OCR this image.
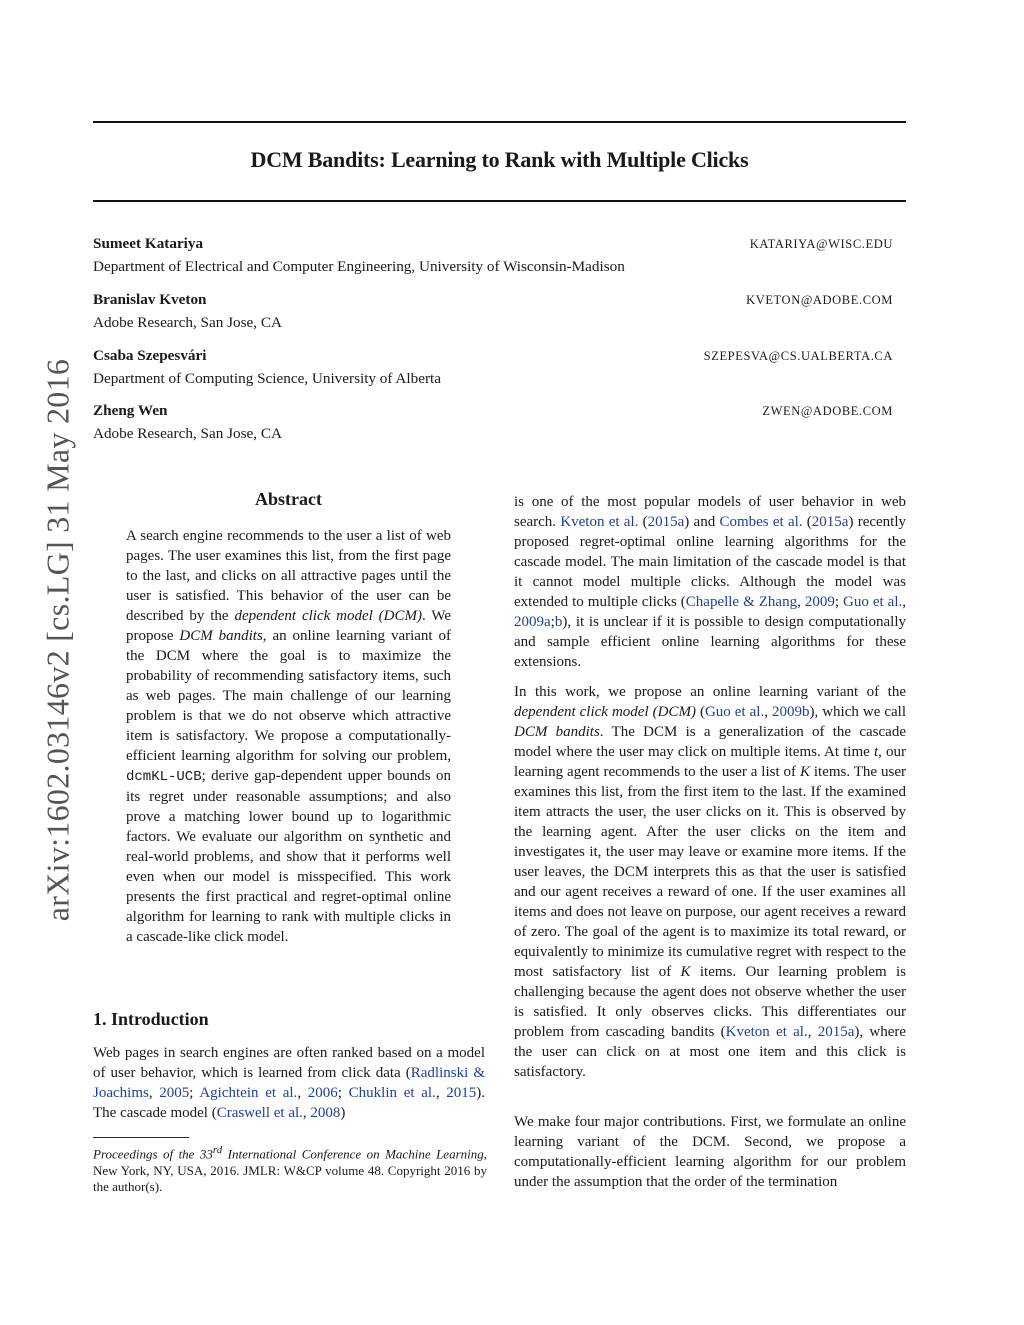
arXiv:1602.03146v2 [cs.LG] 31 May 2016
DCM Bandits: Learning to Rank with Multiple Clicks
Sumeet Katariya	KATARIYA@WISC.EDU
Department of Electrical and Computer Engineering, University of Wisconsin-Madison
Branislav Kveton	KVETON@ADOBE.COM
Adobe Research, San Jose, CA
Csaba Szepesvári	SZEPESVA@CS.UALBERTA.CA
Department of Computing Science, University of Alberta
Zheng Wen	ZWEN@ADOBE.COM
Adobe Research, San Jose, CA
Abstract
A search engine recommends to the user a list of web pages. The user examines this list, from the first page to the last, and clicks on all attractive pages until the user is satisfied. This behavior of the user can be described by the dependent click model (DCM). We propose DCM bandits, an online learning variant of the DCM where the goal is to maximize the probability of recommending satisfactory items, such as web pages. The main challenge of our learning problem is that we do not observe which attractive item is satisfactory. We propose a computationally-efficient learning algorithm for solving our problem, dcmKL-UCB; derive gap-dependent upper bounds on its regret under reasonable assumptions; and also prove a matching lower bound up to logarithmic factors. We evaluate our algorithm on synthetic and real-world problems, and show that it performs well even when our model is misspecified. This work presents the first practical and regret-optimal online algorithm for learning to rank with multiple clicks in a cascade-like click model.
1. Introduction
Web pages in search engines are often ranked based on a model of user behavior, which is learned from click data (Radlinski & Joachims, 2005; Agichtein et al., 2006; Chuklin et al., 2015). The cascade model (Craswell et al., 2008)
Proceedings of the 33rd International Conference on Machine Learning, New York, NY, USA, 2016. JMLR: W&CP volume 48. Copyright 2016 by the author(s).
is one of the most popular models of user behavior in web search. Kveton et al. (2015a) and Combes et al. (2015a) recently proposed regret-optimal online learning algorithms for the cascade model. The main limitation of the cascade model is that it cannot model multiple clicks. Although the model was extended to multiple clicks (Chapelle & Zhang, 2009; Guo et al., 2009a;b), it is unclear if it is possible to design computationally and sample efficient online learning algorithms for these extensions.
In this work, we propose an online learning variant of the dependent click model (DCM) (Guo et al., 2009b), which we call DCM bandits. The DCM is a generalization of the cascade model where the user may click on multiple items. At time t, our learning agent recommends to the user a list of K items. The user examines this list, from the first item to the last. If the examined item attracts the user, the user clicks on it. This is observed by the learning agent. After the user clicks on the item and investigates it, the user may leave or examine more items. If the user leaves, the DCM interprets this as that the user is satisfied and our agent receives a reward of one. If the user examines all items and does not leave on purpose, our agent receives a reward of zero. The goal of the agent is to maximize its total reward, or equivalently to minimize its cumulative regret with respect to the most satisfactory list of K items. Our learning problem is challenging because the agent does not observe whether the user is satisfied. It only observes clicks. This differentiates our problem from cascading bandits (Kveton et al., 2015a), where the user can click on at most one item and this click is satisfactory.
We make four major contributions. First, we formulate an online learning variant of the DCM. Second, we propose a computationally-efficient learning algorithm for our problem under the assumption that the order of the termination
